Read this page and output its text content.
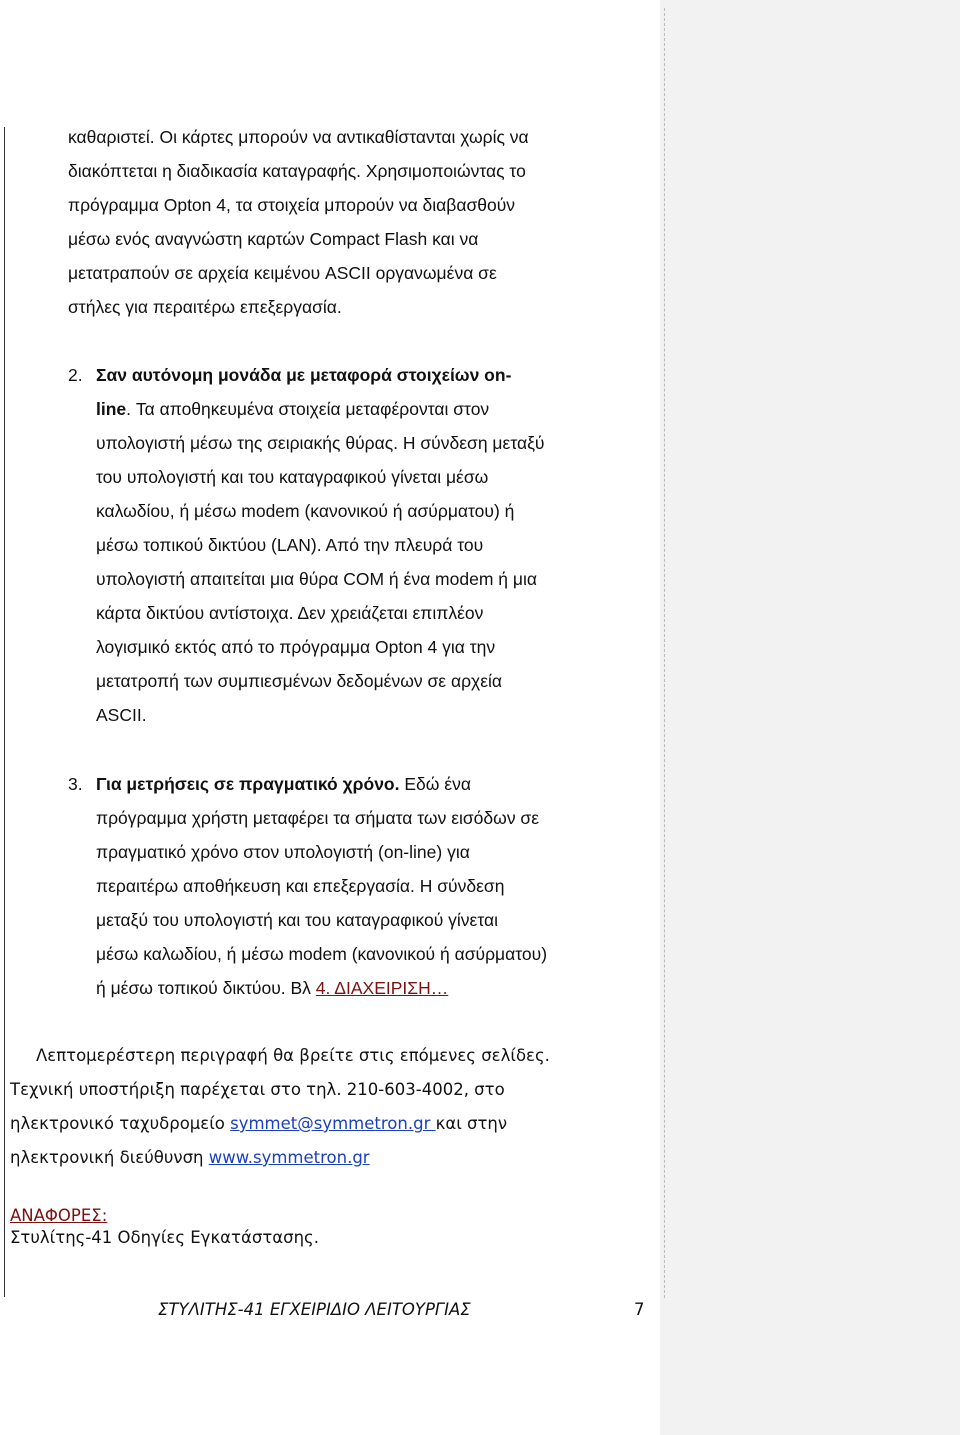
καθαριστεί. Οι κάρτες μπορούν να αντικαθίστανται χωρίς να
διακόπτεται η διαδικασία καταγραφής. Χρησιμοποιώντας το
πρόγραμμα Opton 4, τα στοιχεία μπορούν να διαβασθούν
μέσω ενός αναγνώστη καρτών Compact Flash και να
μετατραπούν σε αρχεία κειμένου ASCII οργανωμένα σε
στήλες για περαιτέρω επεξεργασία.
2. Σαν αυτόνομη μονάδα με μεταφορά στοιχείων on-
line. Τα αποθηκευμένα στοιχεία μεταφέρονται στον
υπολογιστή μέσω της σειριακής θύρας. Η σύνδεση μεταξύ
του υπολογιστή και του καταγραφικού γίνεται μέσω
καλωδίου, ή μέσω modem (κανονικού ή ασύρματου) ή
μέσω τοπικού δικτύου (LAN). Από την πλευρά του
υπολογιστή απαιτείται μια θύρα COM ή ένα modem ή μια
κάρτα δικτύου αντίστοιχα. Δεν χρειάζεται επιπλέον
λογισμικό εκτός από το πρόγραμμα Opton 4 για την
μετατροπή των συμπιεσμένων δεδομένων σε αρχεία
ASCII.
3. Για μετρήσεις σε πραγματικό χρόνο. Εδώ ένα
πρόγραμμα χρήστη μεταφέρει τα σήματα των εισόδων σε
πραγματικό χρόνο στον υπολογιστή (on-line) για
περαιτέρω αποθήκευση και επεξεργασία. Η σύνδεση
μεταξύ του υπολογιστή και του καταγραφικού γίνεται
μέσω καλωδίου, ή μέσω modem (κανονικού ή ασύρματου)
ή μέσω τοπικού δικτύου. Βλ 4. ΔΙΑΧΕΙΡΙΣΗ…
Λεπτομερέστερη περιγραφή θα βρείτε στις επόμενες σελίδες.
Τεχνική υποστήριξη παρέχεται στο τηλ. 210-603-4002, στο
ηλεκτρονικό ταχυδρομείο symmet@symmetron.gr και στην
ηλεκτρονική διεύθυνση www.symmetron.gr
ΑΝΑΦΟΡΕΣ:
Στυλίτης-41 Οδηγίες Εγκατάστασης.
ΣΤΥΛΙΤΗΣ-41 ΕΓΧΕΙΡΙΔΙΟ ΛΕΙΤΟΥΡΓΙΑΣ	7
